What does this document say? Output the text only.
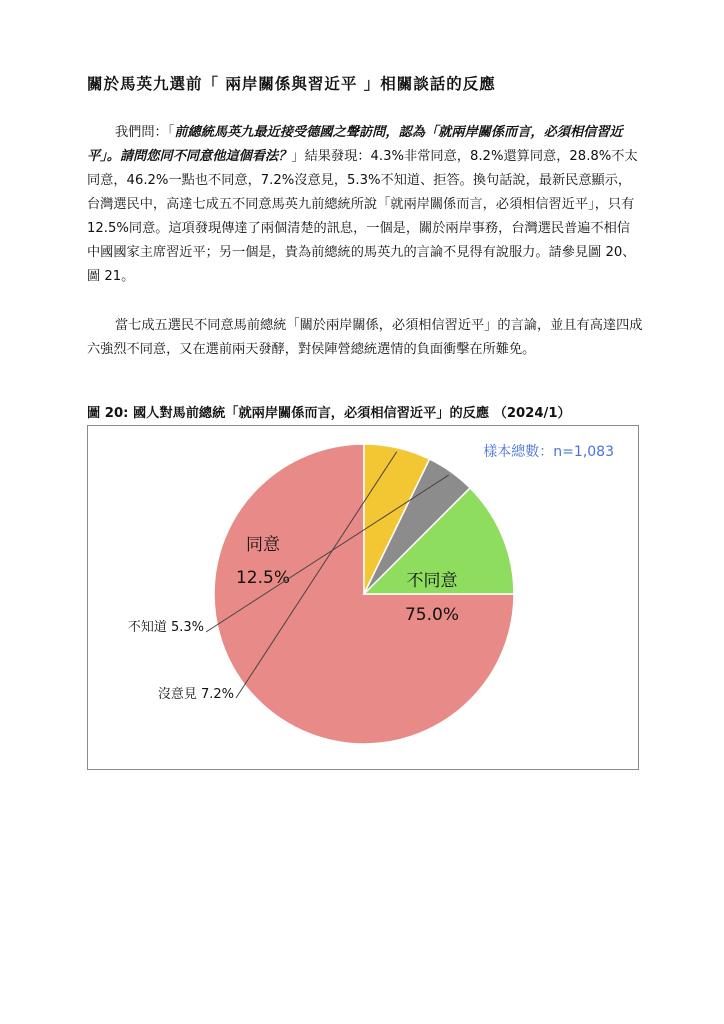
關於馬英九選前「 兩岸關係與習近平 」相關談話的反應

我們問：「前總統馬英九最近接受德國之聲訪問，認為「就兩岸關係而言，必須相信習近平」。請問您同不同意他這個看法？」結果發現：4.3%非常同意，8.2%還算同意，28.8%不太同意，46.2%一點也不同意，7.2%沒意見，5.3%不知道、拒答。換句話說，最新民意顯示，台灣選民中，高達七成五不同意馬英九前總統所說「就兩岸關係而言，必須相信習近平」，只有 12.5%同意。這項發現傳達了兩個清楚的訊息，一個是，關於兩岸事務，台灣選民普遍不相信中國國家主席習近平；另一個是，貴為前總統的馬英九的言論不見得有說服力。請參見圖 20、圖 21。

當七成五選民不同意馬前總統「關於兩岸關係，必須相信習近平」的言論，並且有高達四成六強烈不同意，又在選前兩天發酵，對侯陣營總統選情的負面衝擊在所難免。

圖 20: 國人對馬前總統「就兩岸關係而言，必須相信習近平」的反應 （2024/1）
樣本總數：n=1,083
不同意
75.0%
同意
12.5%
不知道 5.3%
沒意見 7.2%
